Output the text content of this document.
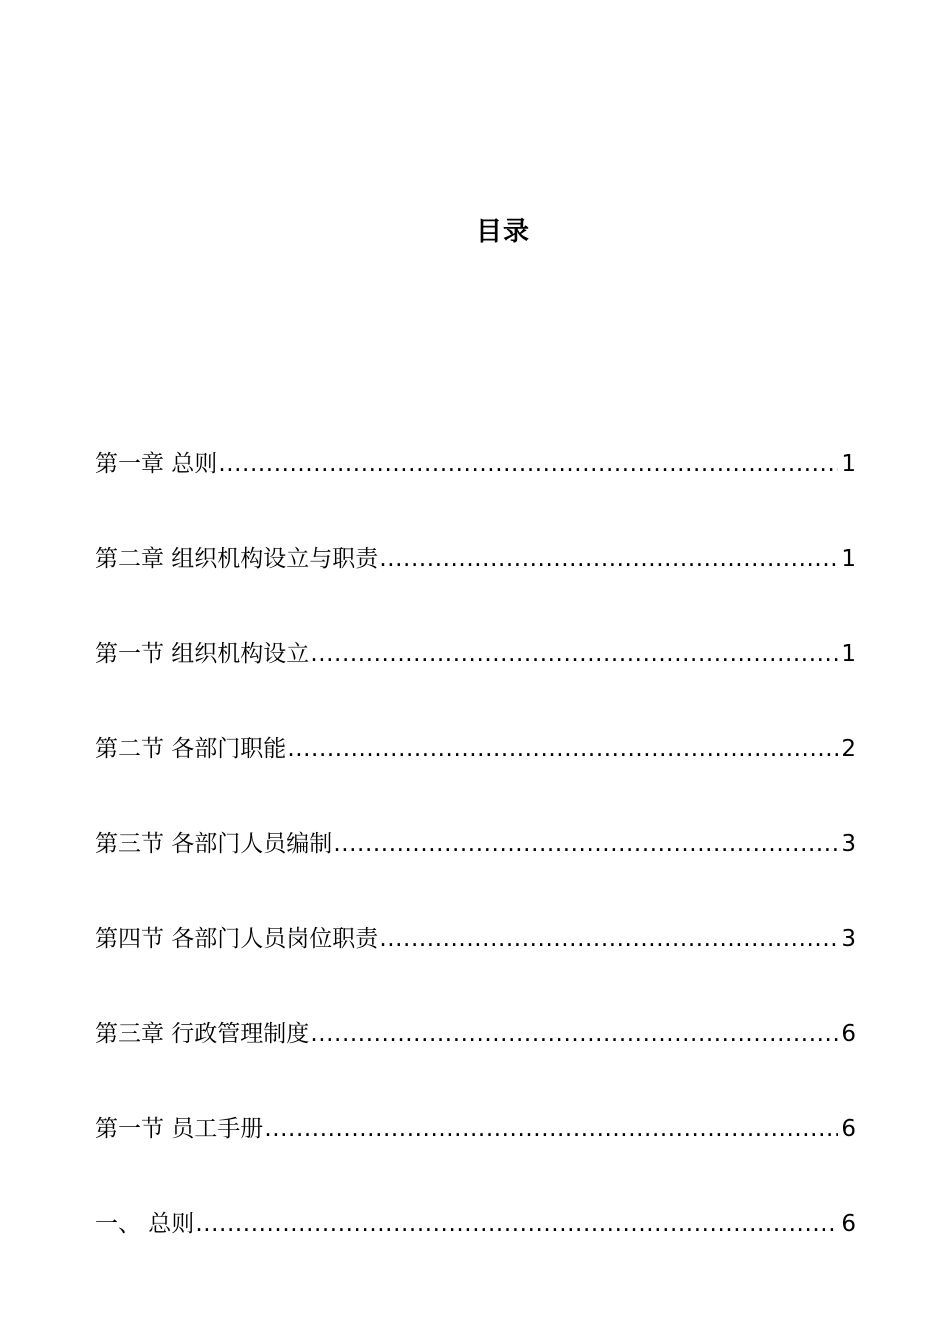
目录
第一章 总则 .....	1
第二章 组织机构设立与职责 .....	1
第一节 组织机构设立 .....	1
第二节 各部门职能 .....	2
第三节 各部门人员编制 .....	3
第四节 各部门人员岗位职责 .....	3
第三章 行政管理制度 .....	6
第一节 员工手册 .....	6
一、 总则 .....	6
